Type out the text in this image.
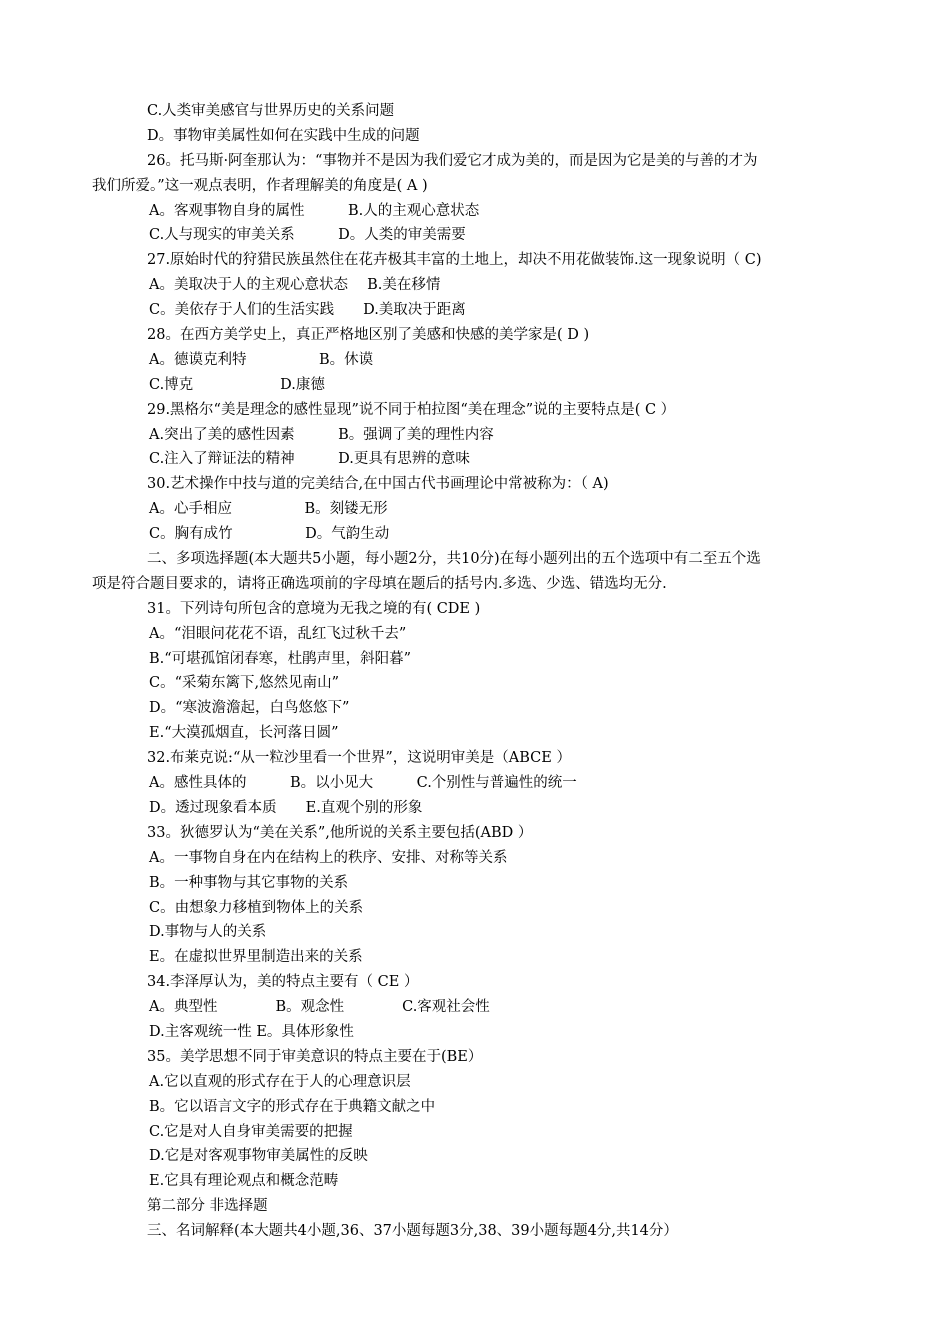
C.人类审美感官与世界历史的关系问题
D。事物审美属性如何在实践中生成的问题
26。托马斯·阿奎那认为：“事物并不是因为我们爱它才成为美的，而是因为它是美的与善的才为
我们所爱。”这一观点表明，作者理解美的角度是( A )
A。客观事物自身的属性　　　B.人的主观心意状态
C.人与现实的审美关系　　　D。人类的审美需要
27.原始时代的狩猎民族虽然住在花卉极其丰富的土地上，却决不用花做装饰.这一现象说明（ C)
A。美取决于人的主观心意状态　 B.美在移情
C。美依存于人们的生活实践　　D.美取决于距离
28。在西方美学史上，真正严格地区别了美感和快感的美学家是( D )
A。德谟克利特　　　　　B。休谟
C.博克　　　　　　D.康德
29.黑格尔“美是理念的感性显现”说不同于柏拉图“美在理念”说的主要特点是( C ）
A.突出了美的感性因素　　　B。强调了美的理性内容
C.注入了辩证法的精神　　　D.更具有思辨的意味
30.艺术操作中技与道的完美结合,在中国古代书画理论中常被称为：（ A)
A。心手相应　　　　　B。刻镂无形
C。胸有成竹　　　　　D。气韵生动
二、多项选择题(本大题共5小题，每小题2分，共10分)在每小题列出的五个选项中有二至五个选
项是符合题目要求的，请将正确选项前的字母填在题后的括号内.多选、少选、错选均无分.
31。下列诗句所包含的意境为无我之境的有( CDE )
A。“泪眼问花花不语，乱红飞过秋千去”
B.“可堪孤馆闭春寒，杜鹃声里，斜阳暮”
C。“采菊东篱下,悠然见南山”
D。“寒波澹澹起，白鸟悠悠下”
E.“大漠孤烟直，长河落日圆”
32.布莱克说:“从一粒沙里看一个世界”，这说明审美是（ABCE ）
A。感性具体的　　　B。以小见大　　　C.个别性与普遍性的统一
D。透过现象看本质　　E.直观个别的形象
33。狄德罗认为“美在关系”,他所说的关系主要包括(ABD ）
A。一事物自身在内在结构上的秩序、安排、对称等关系
B。一种事物与其它事物的关系
C。由想象力移植到物体上的关系
D.事物与人的关系
E。在虚拟世界里制造出来的关系
34.李泽厚认为，美的特点主要有（ CE ）
A。典型性　　　　B。观念性　　　　C.客观社会性
D.主客观统一性 E。具体形象性
35。美学思想不同于审美意识的特点主要在于(BE）
A.它以直观的形式存在于人的心理意识层
B。它以语言文字的形式存在于典籍文献之中
C.它是对人自身审美需要的把握
D.它是对客观事物审美属性的反映
E.它具有理论观点和概念范畴
第二部分 非选择题
三、名词解释(本大题共4小题,36、37小题每题3分,38、39小题每题4分,共14分）
